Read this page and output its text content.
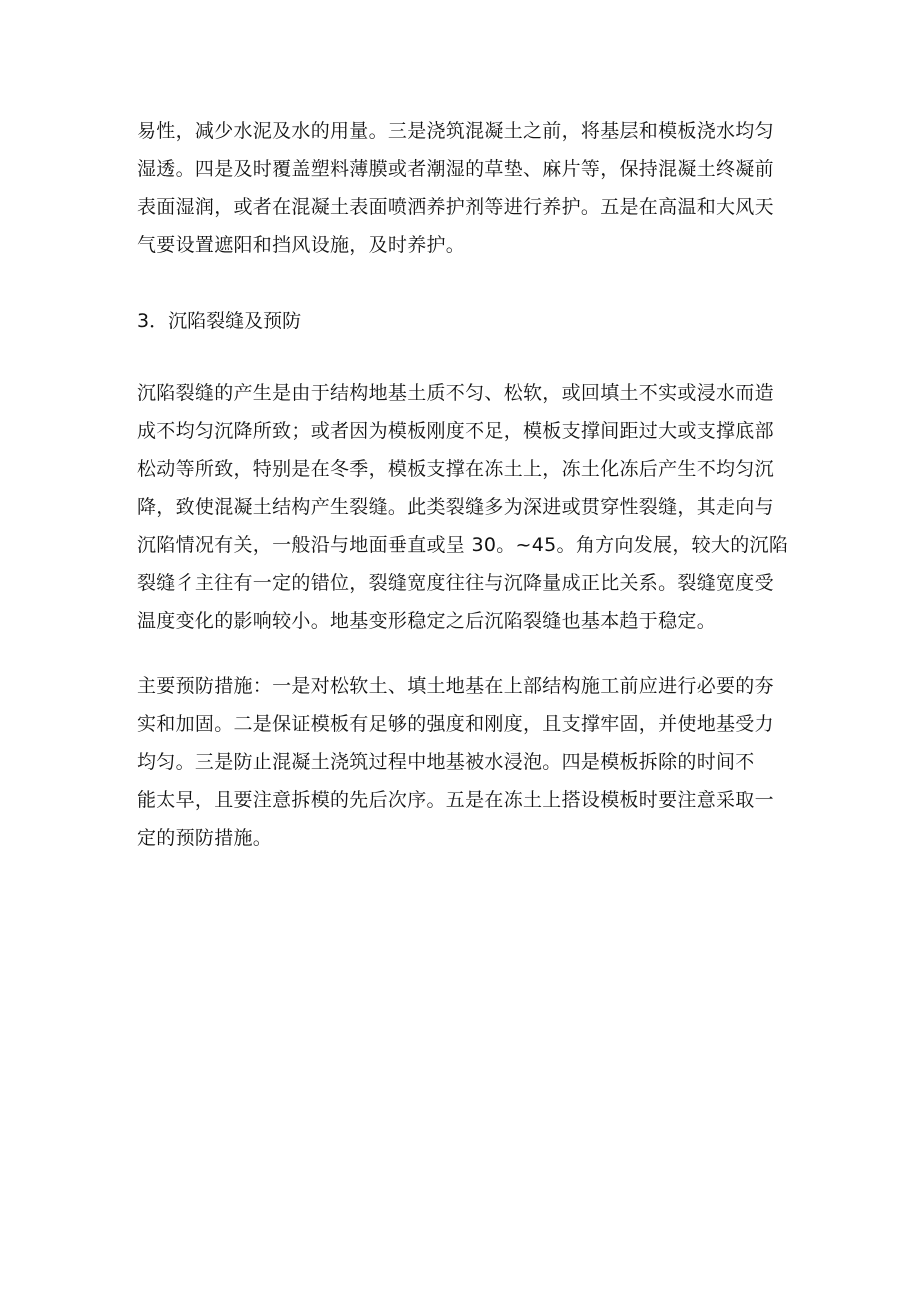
易性，减少水泥及水的用量。三是浇筑混凝土之前，将基层和模板浇水均匀
湿透。四是及时覆盖塑料薄膜或者潮湿的草垫、麻片等，保持混凝土终凝前
表面湿润，或者在混凝土表面喷洒养护剂等进行养护。五是在高温和大风天
气要设置遮阳和挡风设施，及时养护。
3．沉陷裂缝及预防
沉陷裂缝的产生是由于结构地基土质不匀、松软，或回填土不实或浸水而造
成不均匀沉降所致；或者因为模板刚度不足，模板支撑间距过大或支撑底部
松动等所致，特别是在冬季，模板支撑在冻土上，冻土化冻后产生不均匀沉
降，致使混凝土结构产生裂缝。此类裂缝多为深进或贯穿性裂缝，其走向与
沉陷情况有关，一般沿与地面垂直或呈 30。~45。角方向发展，较大的沉陷
裂缝彳主往有一定的错位，裂缝宽度往往与沉降量成正比关系。裂缝宽度受
温度变化的影响较小。地基变形稳定之后沉陷裂缝也基本趋于稳定。
主要预防措施：一是对松软土、填土地基在上部结构施工前应进行必要的夯
实和加固。二是保证模板有足够的强度和刚度，且支撑牢固，并使地基受力
均匀。三是防止混凝土浇筑过程中地基被水浸泡。四是模板拆除的时间不
能太早，且要注意拆模的先后次序。五是在冻土上搭设模板时要注意采取一
定的预防措施。
